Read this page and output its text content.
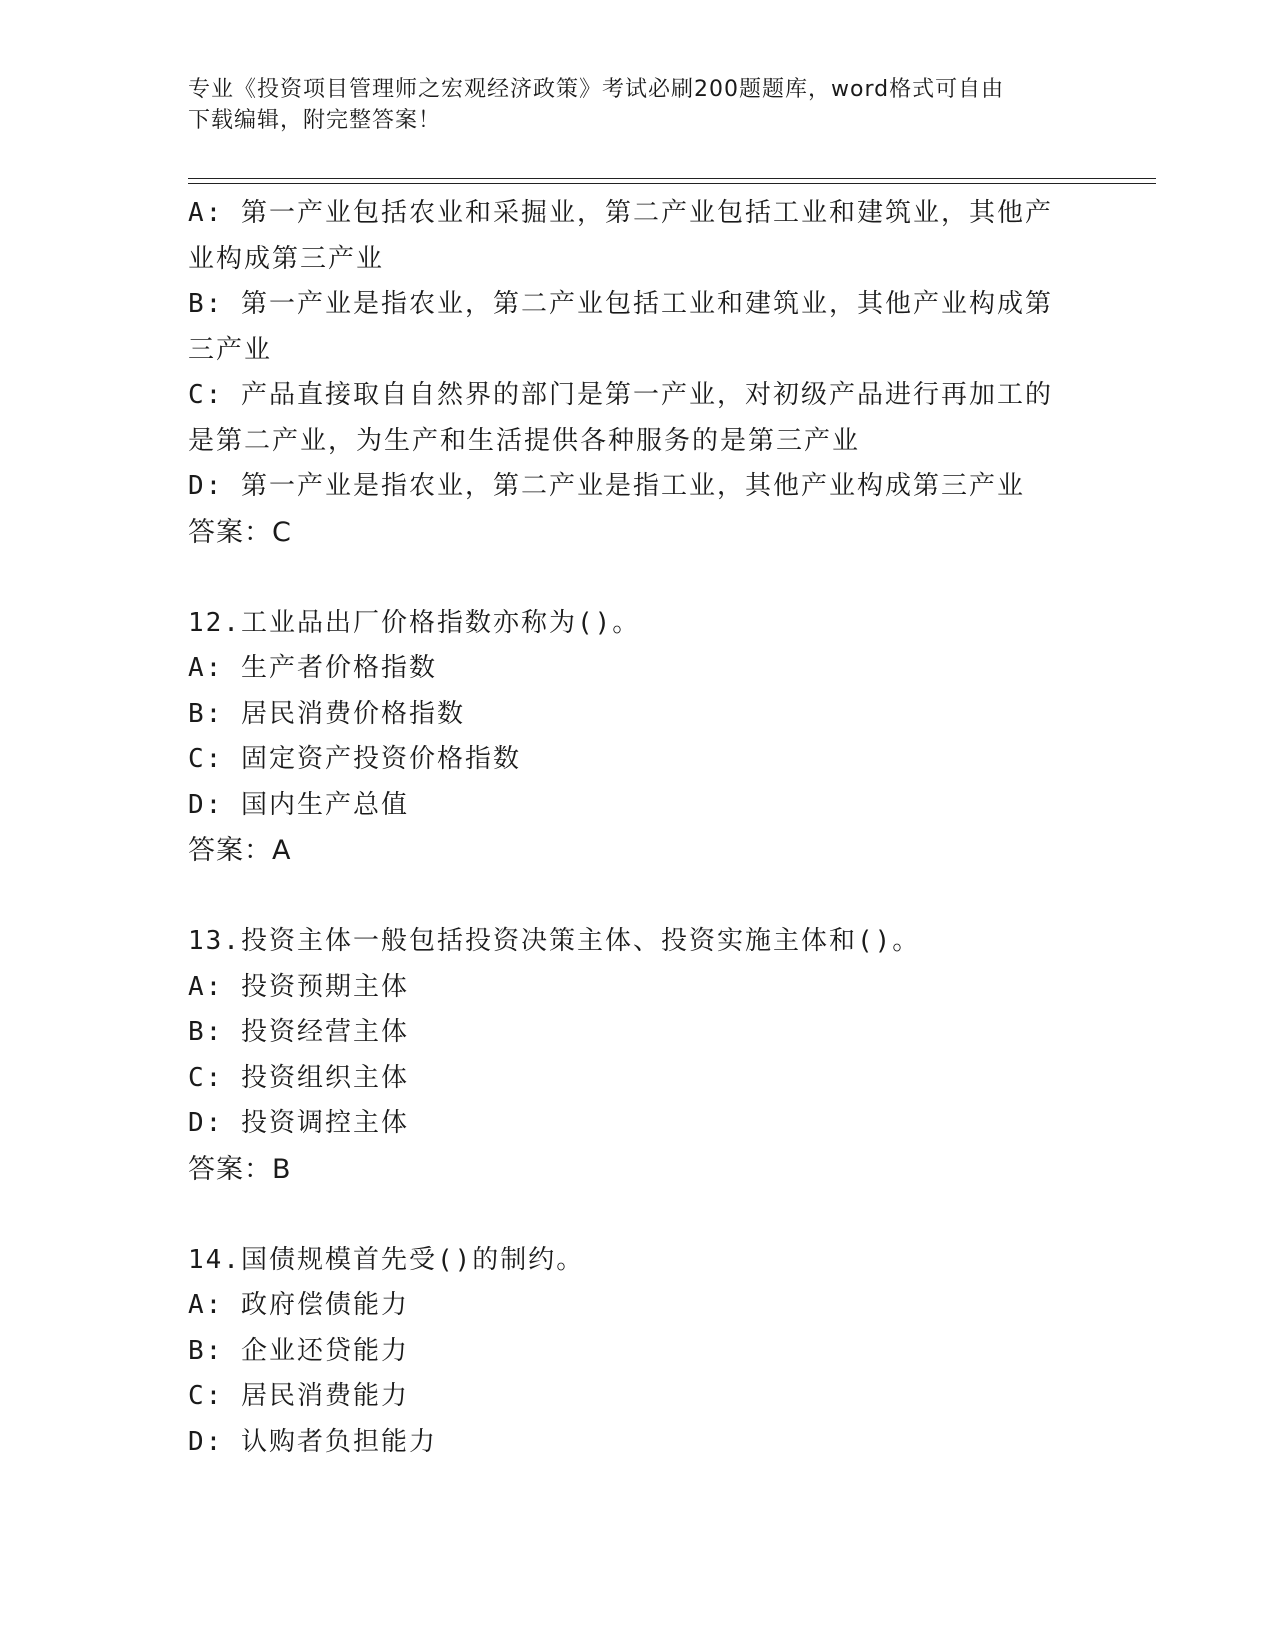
专业《投资项目管理师之宏观经济政策》考试必刷200题题库，word格式可自由
下载编辑，附完整答案！
A: 第一产业包括农业和采掘业，第二产业包括工业和建筑业，其他产
业构成第三产业
B: 第一产业是指农业，第二产业包括工业和建筑业，其他产业构成第
三产业
C: 产品直接取自自然界的部门是第一产业，对初级产品进行再加工的
是第二产业，为生产和生活提供各种服务的是第三产业
D: 第一产业是指农业，第二产业是指工业，其他产业构成第三产业
答案：C
12.工业品出厂价格指数亦称为()。
A: 生产者价格指数
B: 居民消费价格指数
C: 固定资产投资价格指数
D: 国内生产总值
答案：A
13.投资主体一般包括投资决策主体、投资实施主体和()。
A: 投资预期主体
B: 投资经营主体
C: 投资组织主体
D: 投资调控主体
答案：B
14.国债规模首先受()的制约。
A: 政府偿债能力
B: 企业还贷能力
C: 居民消费能力
D: 认购者负担能力
